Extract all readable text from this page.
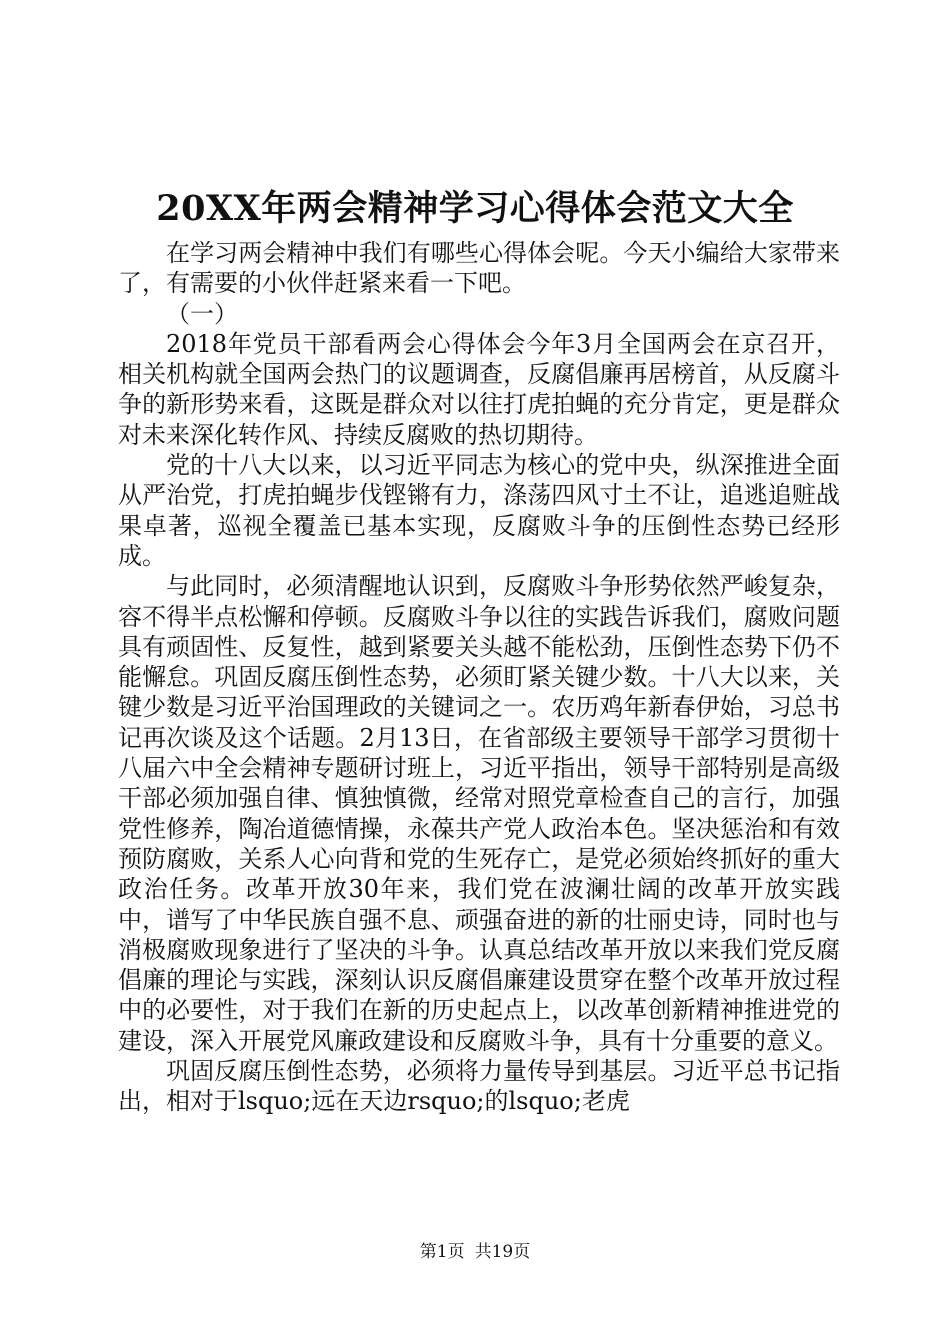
20XX年两会精神学习心得体会范文大全

在学习两会精神中我们有哪些心得体会呢。今天小编给大家带来了，有需要的小伙伴赶紧来看一下吧。

（一）

2018年党员干部看两会心得体会今年3月全国两会在京召开，相关机构就全国两会热门的议题调查，反腐倡廉再居榜首，从反腐斗争的新形势来看，这既是群众对以往打虎拍蝇的充分肯定，更是群众对未来深化转作风、持续反腐败的热切期待。

党的十八大以来，以习近平同志为核心的党中央，纵深推进全面从严治党，打虎拍蝇步伐铿锵有力，涤荡四风寸土不让，追逃追赃战果卓著，巡视全覆盖已基本实现，反腐败斗争的压倒性态势已经形成。

与此同时，必须清醒地认识到，反腐败斗争形势依然严峻复杂，容不得半点松懈和停顿。反腐败斗争以往的实践告诉我们，腐败问题具有顽固性、反复性，越到紧要关头越不能松劲，压倒性态势下仍不能懈怠。巩固反腐压倒性态势，必须盯紧关键少数。十八大以来，关键少数是习近平治国理政的关键词之一。农历鸡年新春伊始，习总书记再次谈及这个话题。2月13日，在省部级主要领导干部学习贯彻十八届六中全会精神专题研讨班上，习近平指出，领导干部特别是高级干部必须加强自律、慎独慎微，经常对照党章检查自己的言行，加强党性修养，陶冶道德情操，永葆共产党人政治本色。坚决惩治和有效预防腐败，关系人心向背和党的生死存亡，是党必须始终抓好的重大政治任务。改革开放30年来，我们党在波澜壮阔的改革开放实践中，谱写了中华民族自强不息、顽强奋进的新的壮丽史诗，同时也与消极腐败现象进行了坚决的斗争。认真总结改革开放以来我们党反腐倡廉的理论与实践，深刻认识反腐倡廉建设贯穿在整个改革开放过程中的必要性，对于我们在新的历史起点上，以改革创新精神推进党的建设，深入开展党风廉政建设和反腐败斗争，具有十分重要的意义。

巩固反腐压倒性态势，必须将力量传导到基层。习近平总书记指出，相对于lsquo;远在天边rsquo;的lsquo;老虎

第1页 共19页
